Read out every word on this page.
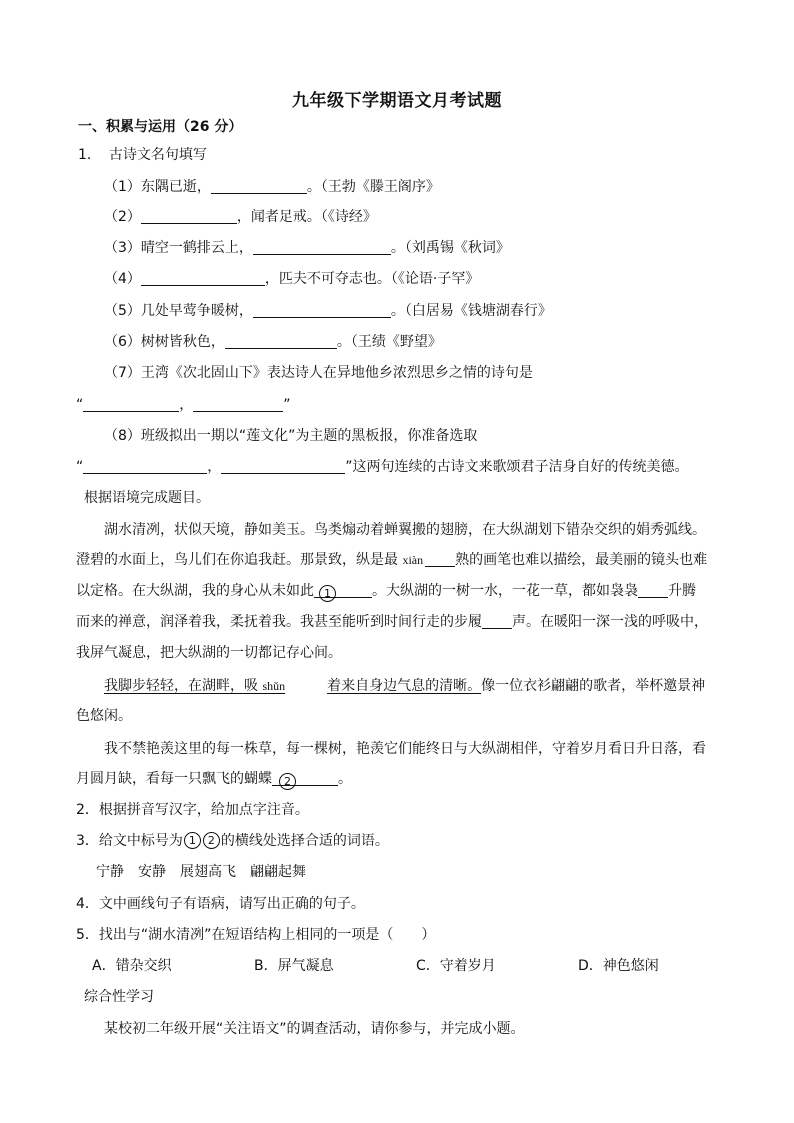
九年级下学期语文月考试题
一、积累与运用（26 分）
1． 古诗文名句填写
（1）东隅已逝，	。（王勃《滕王阁序》
（2）	，闻者足戒。（《诗经》
（3）晴空一鹤排云上，	。（刘禹锡《秋词》
（4）	，匹夫不可夺志也。（《论语·子罕》
（5）几处早莺争暖树，	。（白居易《钱塘湖春行》
（6）树树皆秋色，	。（王绩《野望》
（7）王湾《次北固山下》表达诗人在异地他乡浓烈思乡之情的诗句是
“	，	”
（8）班级拟出一期以“莲文化”为主题的黑板报，你准备选取
“	，	”这两句连续的古诗文来歌颂君子洁身自好的传统美德。
根据语境完成题目。
湖水清冽，状似天境，静如美玉。鸟类煽动着蝉翼搬的翅膀，在大纵湖划下错杂交织的娟秀弧线。
澄碧的水面上，鸟儿们在你追我赶。那景致，纵是最 xiàn 熟的画笔也难以描绘，最美丽的镜头也难
以定格。在大纵湖，我的身心从未如此 1	。大纵湖的一树一水，一花一草，都如袅袅 升腾
而来的禅意，润泽着我，柔抚着我。我甚至能听到时间行走的步履 声。在暖阳一深一浅的呼吸中，
我屏气凝息，把大纵湖的一切都记存心间。
我脚步轻轻，在湖畔，吸 shǔn	着来自身边气息的清晰。像一位衣衫翩翩的歌者，举杯邀景神
色悠闲。
我不禁艳羡这里的每一株草，每一棵树，艳羡它们能终日与大纵湖相伴，守着岁月看日升日落，看
月圆月缺，看每一只飘飞的蝴蝶 2	。
2．根据拼音写汉字，给加点字注音。
3．给文中标号为 1 2 的横线处选择合适的词语。
宁静　安静　展翅高飞　翩翩起舞
4．文中画线句子有语病，请写出正确的句子。
5．找出与“湖水清冽”在短语结构上相同的一项是（　　）
A．错杂交织	B．屏气凝息	C．守着岁月	D．神色悠闲
综合性学习
某校初二年级开展“关注语文”的调查活动，请你参与，并完成小题。
